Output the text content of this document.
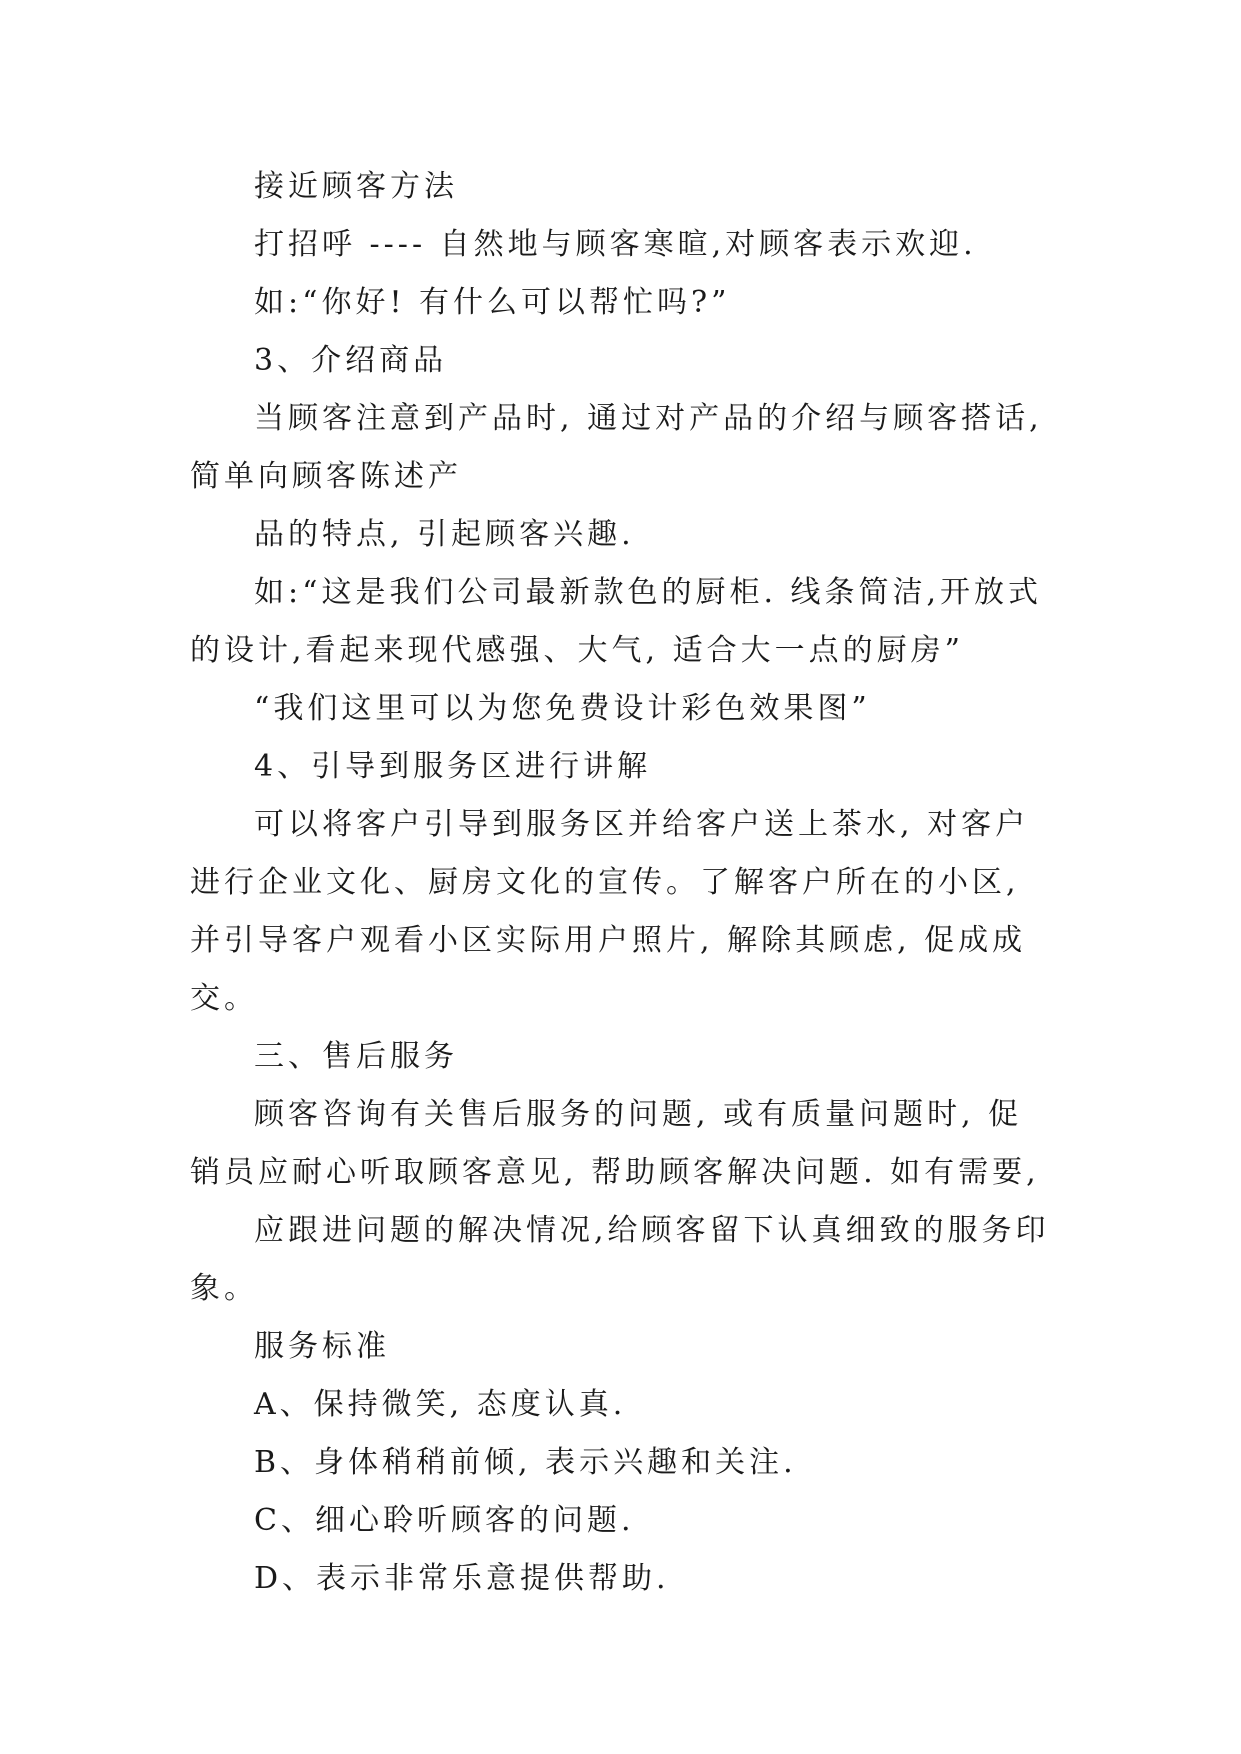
接近顾客方法

打招呼 ---- 自然地与顾客寒暄,对顾客表示欢迎.

如:“你好! 有什么可以帮忙吗?”

3、介绍商品

当顾客注意到产品时, 通过对产品的介绍与顾客搭话, 简单向顾客陈述产

品的特点, 引起顾客兴趣.

如:“这是我们公司最新款色的厨柜. 线条简洁,开放式的设计,看起来现代感强、大气, 适合大一点的厨房”

“我们这里可以为您免费设计彩色效果图”

4、引导到服务区进行讲解

可以将客户引导到服务区并给客户送上茶水, 对客户进行企业文化、厨房文化的宣传。了解客户所在的小区, 并引导客户观看小区实际用户照片, 解除其顾虑, 促成成交。

三、售后服务

顾客咨询有关售后服务的问题, 或有质量问题时, 促销员应耐心听取顾客意见, 帮助顾客解决问题. 如有需要,

应跟进问题的解决情况,给顾客留下认真细致的服务印象。

服务标准

A、保持微笑, 态度认真.

B、身体稍稍前倾, 表示兴趣和关注.

C、细心聆听顾客的问题.

D、表示非常乐意提供帮助.
